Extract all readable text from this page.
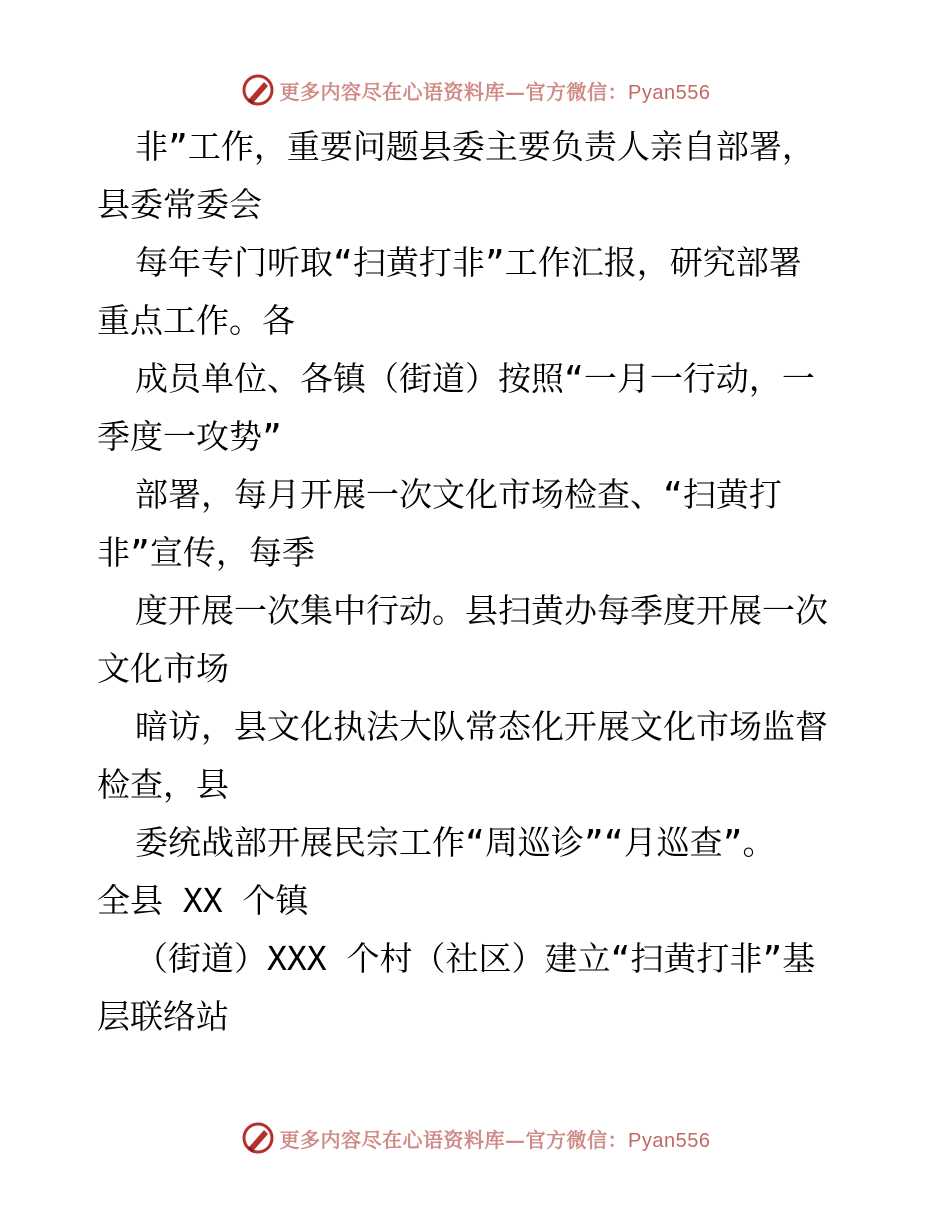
更多内容尽在心语资料库—官方微信：Pyan556
非”工作，重要问题县委主要负责人亲自部署，
县委常委会
每年专门听取“扫黄打非”工作汇报，研究部署
重点工作。各
成员单位、各镇（街道）按照“一月一行动，一
季度一攻势”
部署，每月开展一次文化市场检查、“扫黄打
非”宣传，每季
度开展一次集中行动。县扫黄办每季度开展一次
文化市场
暗访，县文化执法大队常态化开展文化市场监督
检查，县
委统战部开展民宗工作“周巡诊”“月巡查”。
全县 XX 个镇
（街道）XXX 个村（社区）建立“扫黄打非”基
层联络站
更多内容尽在心语资料库—官方微信：Pyan556
